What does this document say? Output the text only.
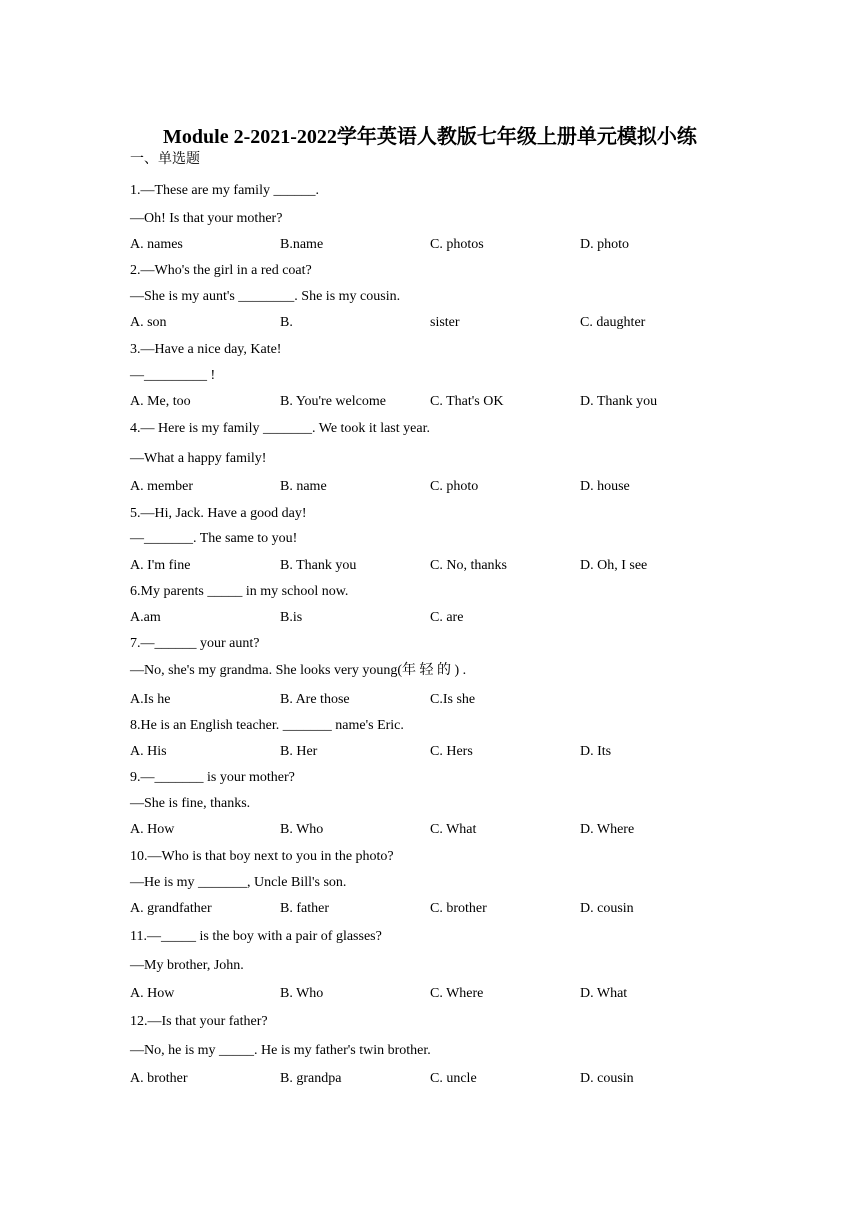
Module 2-2021-2022学年英语人教版七年级上册单元模拟小练
一、单选题
1.—These are my family ______.
—Oh! Is that your mother?
A. names	B.name	C. photos	D. photo
2.—Who's the girl in a red coat?
—She is my aunt's ________. She is my cousin.
A. son	B.	sister	C. daughter
3.—Have a nice day, Kate!
—_________ !
A. Me, too	B. You're welcome	C. That's OK	D. Thank you
4.— Here is my family _______. We took it last year.
—What a happy family!
A. member	B. name	C. photo	D. house
5.—Hi, Jack. Have a good day!
—_______. The same to you!
A. I'm fine	B. Thank you	C. No, thanks	D. Oh, I see
6.My parents _____ in my school now.
A.am	B.is	C. are
7.—______ your aunt?
—No, she's my grandma. She looks very young(年 轻 的 ) .
A.Is he	B. Are those	C.Is she
8.He is an English teacher. _______ name's Eric.
A. His	B. Her	C. Hers	D. Its
9.—_______ is your mother?
—She is fine, thanks.
A. How	B. Who	C. What	D. Where
10.—Who is that boy next to you in the photo?
—He is my _______, Uncle Bill's son.
A. grandfather	B. father	C. brother	D. cousin
11.—_____ is the boy with a pair of glasses?
—My brother, John.
A. How	B. Who	C. Where	D. What
12.—Is that your father?
—No, he is my _____. He is my father's twin brother.
A. brother	B. grandpa	C. uncle	D. cousin
